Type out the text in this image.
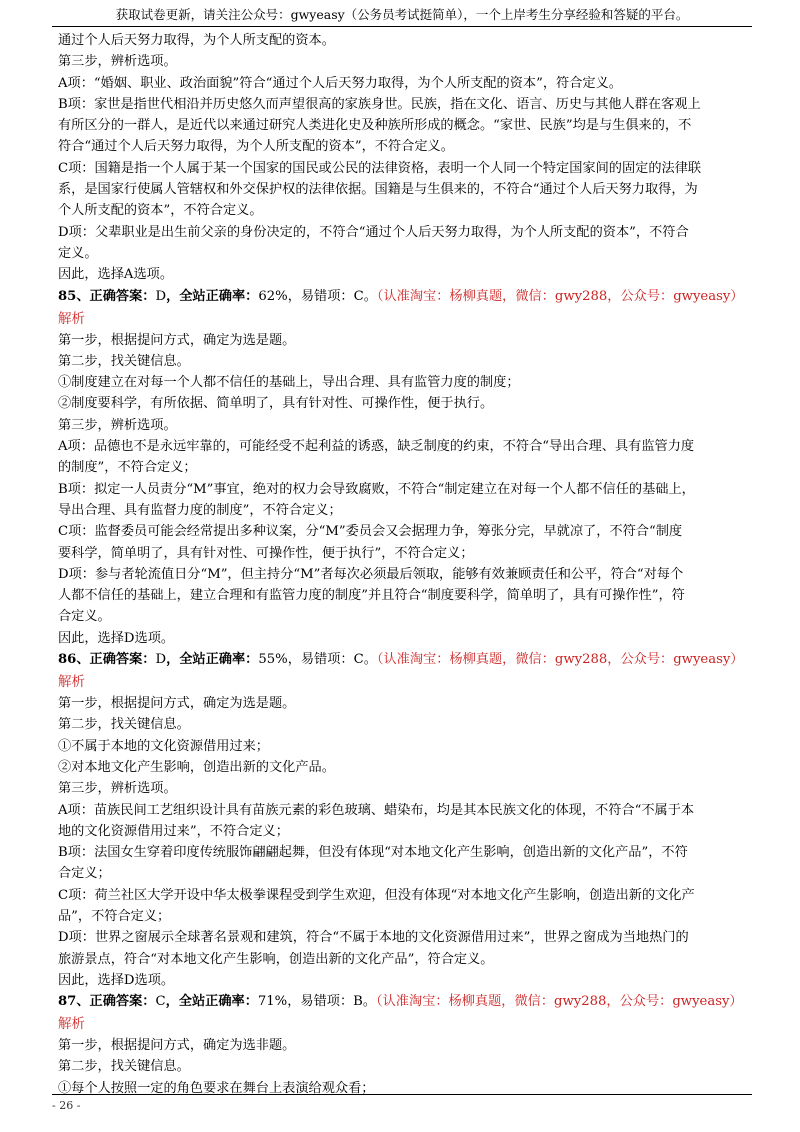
获取试卷更新，请关注公众号：gwyeasy（公务员考试挺简单），一个上岸考生分享经验和答疑的平台。
通过个人后天努力取得，为个人所支配的资本。
第三步，辨析选项。
A项：“婚姻、职业、政治面貌”符合“通过个人后天努力取得，为个人所支配的资本”，符合定义。
B项：家世是指世代相沿并历史悠久而声望很高的家族身世。民族，指在文化、语言、历史与其他人群在客观上
有所区分的一群人，是近代以来通过研究人类进化史及种族所形成的概念。“家世、民族”均是与生俱来的，不
符合“通过个人后天努力取得，为个人所支配的资本”，不符合定义。
C项：国籍是指一个人属于某一个国家的国民或公民的法律资格，表明一个人同一个特定国家间的固定的法律联
系，是国家行使属人管辖权和外交保护权的法律依据。国籍是与生俱来的，不符合“通过个人后天努力取得，为
个人所支配的资本”，不符合定义。
D项：父辈职业是出生前父亲的身份决定的，不符合“通过个人后天努力取得，为个人所支配的资本”，不符合
定义。
因此，选择A选项。
85、正确答案：D，全站正确率：62%，易错项：C。（认准淘宝：杨柳真题，微信：gwy288，公众号：gwyeasy）
解析
第一步，根据提问方式，确定为选是题。
第二步，找关键信息。
①制度建立在对每一个人都不信任的基础上，导出合理、具有监管力度的制度；
②制度要科学，有所依据、简单明了，具有针对性、可操作性，便于执行。
第三步，辨析选项。
A项：品德也不是永远牢靠的，可能经受不起利益的诱惑，缺乏制度的约束，不符合“导出合理、具有监管力度
的制度”，不符合定义；
B项：拟定一人员责分“M”事宜，绝对的权力会导致腐败，不符合“制定建立在对每一个人都不信任的基础上，
导出合理、具有监督力度的制度”，不符合定义；
C项：监督委员可能会经常提出多种议案，分“M”委员会又会据理力争，筹张分完，早就凉了，不符合“制度
要科学，简单明了，具有针对性、可操作性，便于执行”，不符合定义；
D项：参与者轮流值日分“M”，但主持分“M”者每次必须最后领取，能够有效兼顾责任和公平，符合“对每个
人都不信任的基础上，建立合理和有监管力度的制度”并且符合“制度要科学，简单明了，具有可操作性”，符
合定义。
因此，选择D选项。
86、正确答案：D，全站正确率：55%，易错项：C。（认准淘宝：杨柳真题，微信：gwy288，公众号：gwyeasy）
解析
第一步，根据提问方式，确定为选是题。
第二步，找关键信息。
①不属于本地的文化资源借用过来；
②对本地文化产生影响，创造出新的文化产品。
第三步，辨析选项。
A项：苗族民间工艺组织设计具有苗族元素的彩色玻璃、蜡染布，均是其本民族文化的体现，不符合“不属于本
地的文化资源借用过来”，不符合定义；
B项：法国女生穿着印度传统服饰翩翩起舞，但没有体现“对本地文化产生影响，创造出新的文化产品”，不符
合定义；
C项：荷兰社区大学开设中华太极拳课程受到学生欢迎，但没有体现“对本地文化产生影响，创造出新的文化产
品”，不符合定义；
D项：世界之窗展示全球著名景观和建筑，符合“不属于本地的文化资源借用过来”，世界之窗成为当地热门的
旅游景点，符合“对本地文化产生影响，创造出新的文化产品”，符合定义。
因此，选择D选项。
87、正确答案：C，全站正确率：71%，易错项：B。（认准淘宝：杨柳真题，微信：gwy288，公众号：gwyeasy）
解析
第一步，根据提问方式，确定为选非题。
第二步，找关键信息。
①每个人按照一定的角色要求在舞台上表演给观众看；
- 26 -
